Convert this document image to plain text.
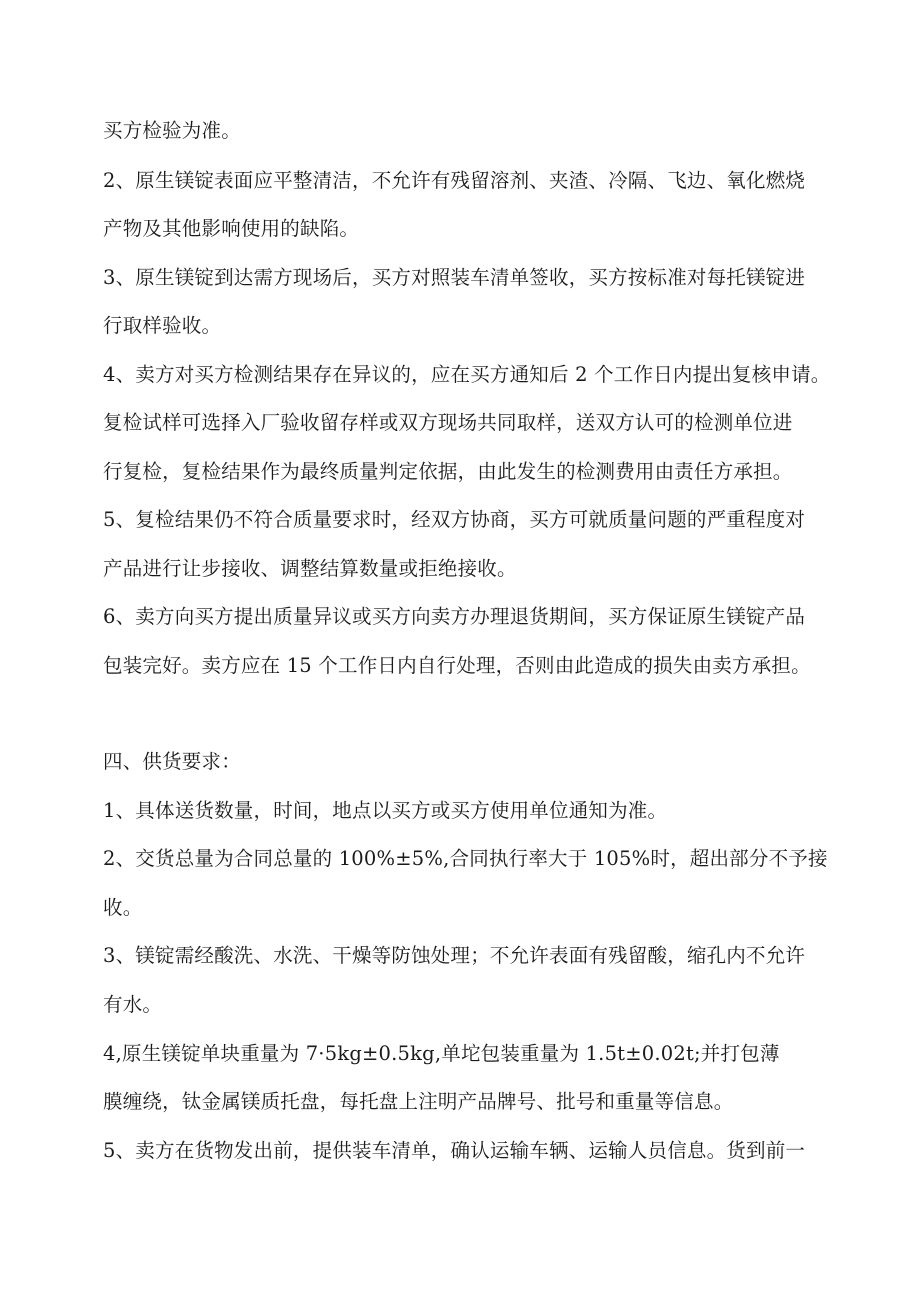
买方检验为准。
2、原生镁锭表面应平整清洁，不允许有残留溶剂、夹渣、冷隔、飞边、氧化燃烧
产物及其他影响使用的缺陷。
3、原生镁锭到达需方现场后，买方对照装车清单签收，买方按标准对每托镁锭进
行取样验收。
4、卖方对买方检测结果存在异议的，应在买方通知后 2 个工作日内提出复核申请。
复检试样可选择入厂验收留存样或双方现场共同取样，送双方认可的检测单位进
行复检，复检结果作为最终质量判定依据，由此发生的检测费用由责任方承担。
5、复检结果仍不符合质量要求时，经双方协商，买方可就质量问题的严重程度对
产品进行让步接收、调整结算数量或拒绝接收。
6、卖方向买方提出质量异议或买方向卖方办理退货期间，买方保证原生镁锭产品
包装完好。卖方应在 15 个工作日内自行处理，否则由此造成的损失由卖方承担。
四、供货要求：
1、具体送货数量，时间，地点以买方或买方使用单位通知为准。
2、交货总量为合同总量的 100%±5%,合同执行率大于 105%时，超出部分不予接
收。
3、镁锭需经酸洗、水洗、干燥等防蚀处理；不允许表面有残留酸，缩孔内不允许
有水。
4,原生镁锭单块重量为 7·5kg±0.5kg,单坨包装重量为 1.5t±0.02t;并打包薄
膜缠绕，钛金属镁质托盘，每托盘上注明产品牌号、批号和重量等信息。
5、卖方在货物发出前，提供装车清单，确认运输车辆、运输人员信息。货到前一
